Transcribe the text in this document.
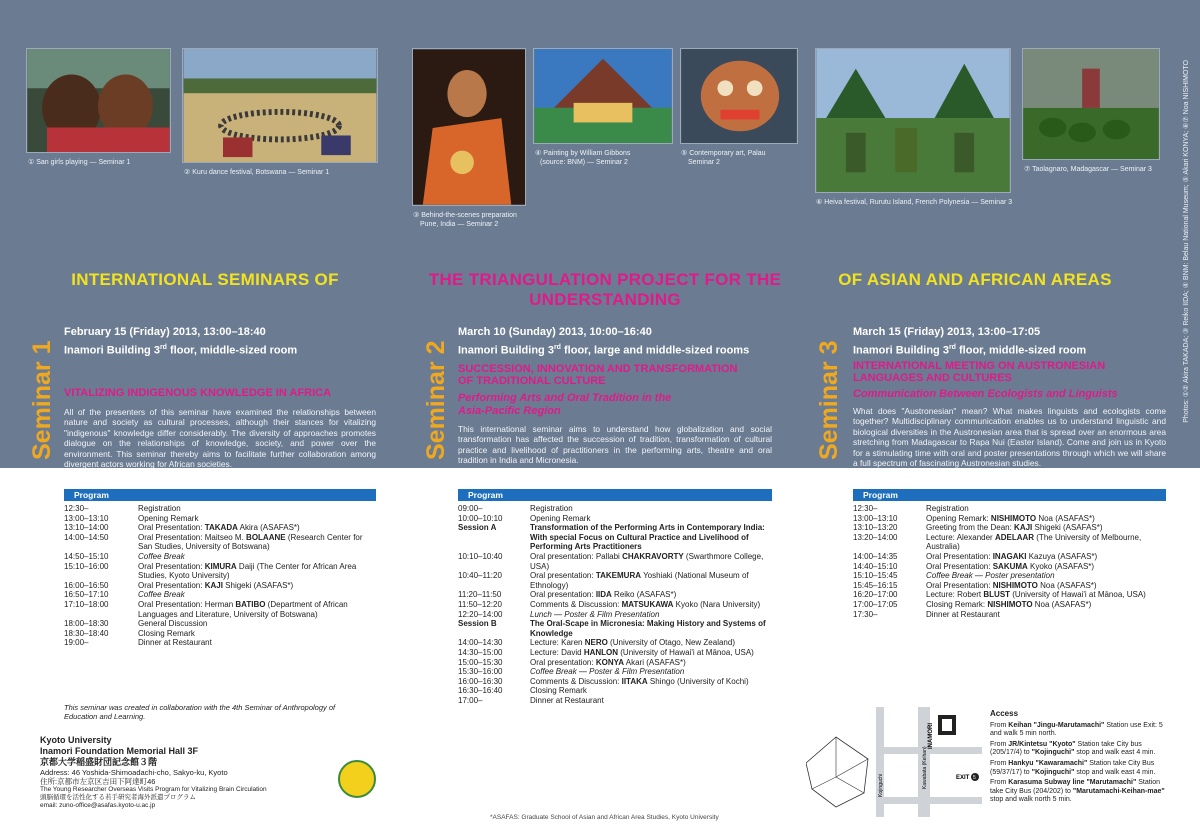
① San girls playing — Seminar 1
② Kuru dance festival, Botswana — Seminar 1
③ Behind-the-scenes preparation
Pune, India — Seminar 2
④ Painting by William Gibbons
(source: BNM) — Seminar 2
⑤ Contemporary art, Palau
Seminar 2
⑥ Heiva festival, Rurutu Island, French Polynesia — Seminar 3
⑦ Taolagnaro, Madagascar — Seminar 3	Photos: ①② Akira TAKADA; ③ Reiko IIDA; ④ BNM: Belau National Museum; ⑤ Akari KONYA; ⑥⑦ Noa NISHIMOTO
INTERNATIONAL SEMINARS OF	THE TRIANGULATION PROJECT FOR THE
UNDERSTANDING
OF ASIAN AND AFRICAN AREAS
Seminar 1
February 15 (Friday) 2013, 13:00–18:40
Inamori Building 3rd floor, middle-sized room
VITALIZING INDIGENOUS KNOWLEDGE IN AFRICA
All of the presenters of this seminar have examined the relationships between nature and society as cultural processes, although their stances for vitalizing "indigenous" knowledge differ considerably. The diversity of approaches promotes dialogue on the relationships of knowledge, society, and power over the environment. This seminar thereby aims to facilitate further collaboration among divergent actors working for African societies.
Seminar 2
March 10 (Sunday) 2013, 10:00–16:40
Inamori Building 3rd floor, large and middle-sized rooms
SUCCESSION, INNOVATION AND TRANSFORMATION
OF TRADITIONAL CULTURE
Performing Arts and Oral Tradition in the
Asia-Pacific Region
This international seminar aims to understand how globalization and social transformation has affected the succession of tradition, transformation of cultural practice and livelihood of practitioners in the performing arts, theatre and oral tradition in India and Micronesia.
Seminar 3
March 15 (Friday) 2013, 13:00–17:05
Inamori Building 3rd floor, middle-sized room
INTERNATIONAL MEETING ON AUSTRONESIAN
LANGUAGES AND CULTURES
Communication Between Ecologists and Linguists
What does "Austronesian" mean? What makes linguists and ecologists come together? Multidisciplinary communication enables us to understand linguistic and biological diversities in the Austronesian area that is spread over an enormous area stretching from Madagascar to Rapa Nui (Easter Island). Come and join us in Kyoto for a stimulating time with oral and poster presentations through which we will share a full spectrum of fascinating Austronesian studies.
Program
12:30–	Registration
13:00–13:10	Opening Remark
13:10–14:00	Oral Presentation: TAKADA Akira (ASAFAS*)
14:00–14:50	Oral Presentation: Maitseo M. BOLAANE (Research Center for San Studies, University of Botswana)
14:50–15:10	Coffee Break
15:10–16:00	Oral Presentation: KIMURA Daiji (The Center for African Area Studies, Kyoto University)
16:00–16:50	Oral Presentation: KAJI Shigeki (ASAFAS*)
16:50–17:10	Coffee Break
17:10–18:00	Oral Presentation: Herman BATIBO (Department of African Languages and Literature, University of Botswana)
18:00–18:30	General Discussion
18:30–18:40	Closing Remark
19:00–	Dinner at Restaurant
This seminar was created in collaboration with the 4th Seminar of Anthropology of Education and Learning.
Program
09:00–	Registration
10:00–10:10	Opening Remark
Session A	Transformation of the Performing Arts in Contemporary India: With special Focus on Cultural Practice and Livelihood of Performing Arts Practitioners
10:10–10:40	Oral presentation: Pallabi CHAKRAVORTY (Swarthmore College, USA)
10:40–11:20	Oral presentation: TAKEMURA Yoshiaki (National Museum of Ethnology)
11:20–11:50	Oral presentation: IIDA Reiko (ASAFAS*)
11:50–12:20	Comments & Discussion: MATSUKAWA Kyoko (Nara University)
12:20–14:00	Lunch — Poster & Film Presentation
Session B	The Oral-Scape in Micronesia: Making History and Systems of Knowledge
14:00–14:30	Lecture: Karen NERO (University of Otago, New Zealand)
14:30–15:00	Lecture: David HANLON (University of Hawai'i at Mānoa, USA)
15:00–15:30	Oral presentation: KONYA Akari (ASAFAS*)
15:30–16:00	Coffee Break — Poster & Film Presentation
16:00–16:30	Comments & Discussion: IITAKA Shingo (University of Kochi)
16:30–16:40	Closing Remark
17:00–	Dinner at Restaurant
Program
12:30–	Registration
13:00–13:10	Opening Remark: NISHIMOTO Noa (ASAFAS*)
13:10–13:20	Greeting from the Dean: KAJI Shigeki (ASAFAS*)
13:20–14:00	Lecture: Alexander ADELAAR (The University of Melbourne, Australia)
14:00–14:35	Oral Presentation: INAGAKI Kazuya (ASAFAS*)
14:40–15:10	Oral Presentation: SAKUMA Kyoko (ASAFAS*)
15:10–15:45	Coffee Break — Poster presentation
15:45–16:15	Oral Presentation: NISHIMOTO Noa (ASAFAS*)
16:20–17:00	Lecture: Robert BLUST (University of Hawai'i at Mānoa, USA)
17:00–17:05	Closing Remark: NISHIMOTO Noa (ASAFAS*)
17:30–	Dinner at Restaurant
Kyoto University
Inamori Foundation Memorial Hall 3F
京都大学稲盛財団記念館３階
Address: 46 Yoshida-Shimoadachi-cho, Sakyo-ku, Kyoto
住所:京都市左京区吉田下阿達町46
The Young Researcher Overseas Visits Program for Vitalizing Brain Circulation
頭脳循環を活性化する若手研究者海外派遣プログラム
email: zuno-office@asafas.kyoto-u.ac.jp
*ASAFAS: Graduate School of Asian and African Area Studies, Kyoto University
INAMORI
Kawabata (Keihan)
Kojinguchi	EXIT 5
Access

From Keihan "Jingu-Marutamachi" Station use Exit: 5 and walk 5 min north.

From JR/Kintetsu "Kyoto" Station take City bus (205/17/4) to "Kojinguchi" stop and walk east 4 min.

From Hankyu "Kawaramachi" Station take City Bus (59/37/17) to "Kojinguchi" stop and walk east 4 min.

From Karasuma Subway line "Marutamachi" Station take City Bus (204/202) to "Marutamachi-Keihan-mae" stop and walk north 5 min.
